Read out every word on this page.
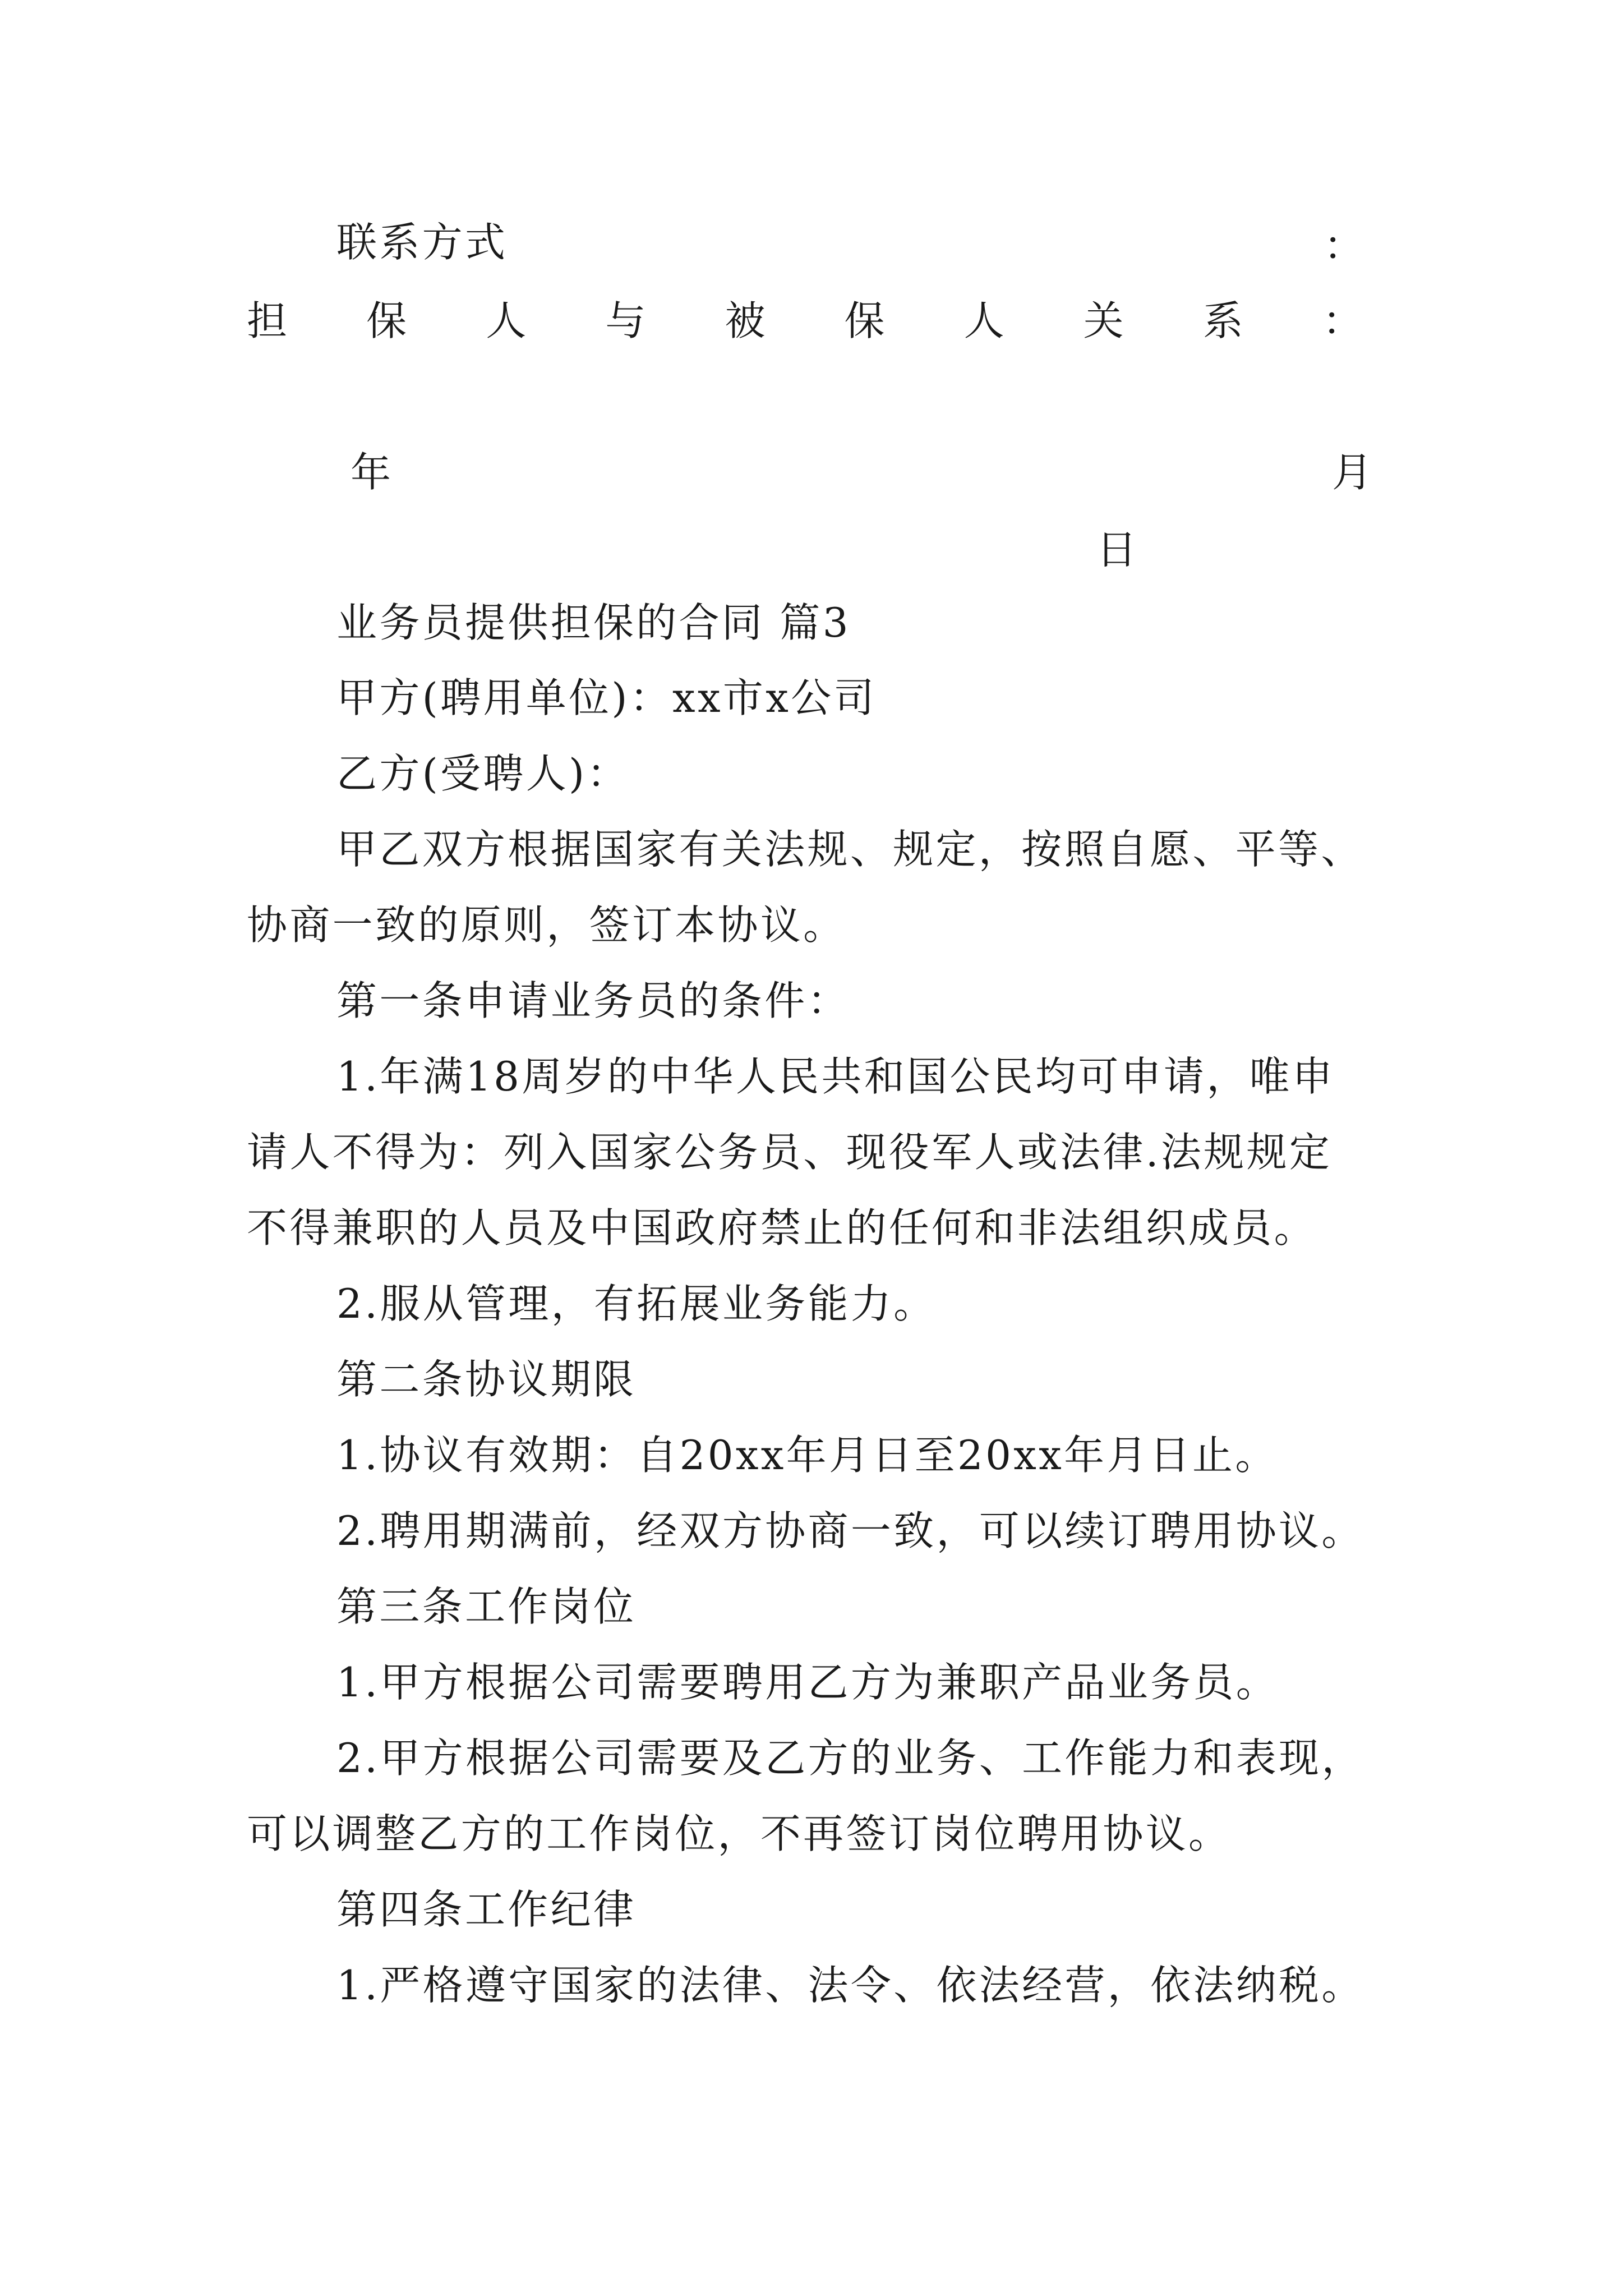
联系方式	：
担 保 人 与 被 保 人 关 系 ：
年	月
日
业务员提供担保的合同 篇3
甲方(聘用单位)：xx市x公司
乙方(受聘人)：
甲乙双方根据国家有关法规、规定，按照自愿、平等、
协商一致的原则，签订本协议。
第一条申请业务员的条件：
1.年满18周岁的中华人民共和国公民均可申请，唯申
请人不得为：列入国家公务员、现役军人或法律.法规规定
不得兼职的人员及中国政府禁止的任何和非法组织成员。
2.服从管理，有拓展业务能力。
第二条协议期限
1.协议有效期：自20xx年月日至20xx年月日止。
2.聘用期满前，经双方协商一致，可以续订聘用协议。
第三条工作岗位
1.甲方根据公司需要聘用乙方为兼职产品业务员。
2.甲方根据公司需要及乙方的业务、工作能力和表现，
可以调整乙方的工作岗位，不再签订岗位聘用协议。
第四条工作纪律
1.严格遵守国家的法律、法令、依法经营，依法纳税。
